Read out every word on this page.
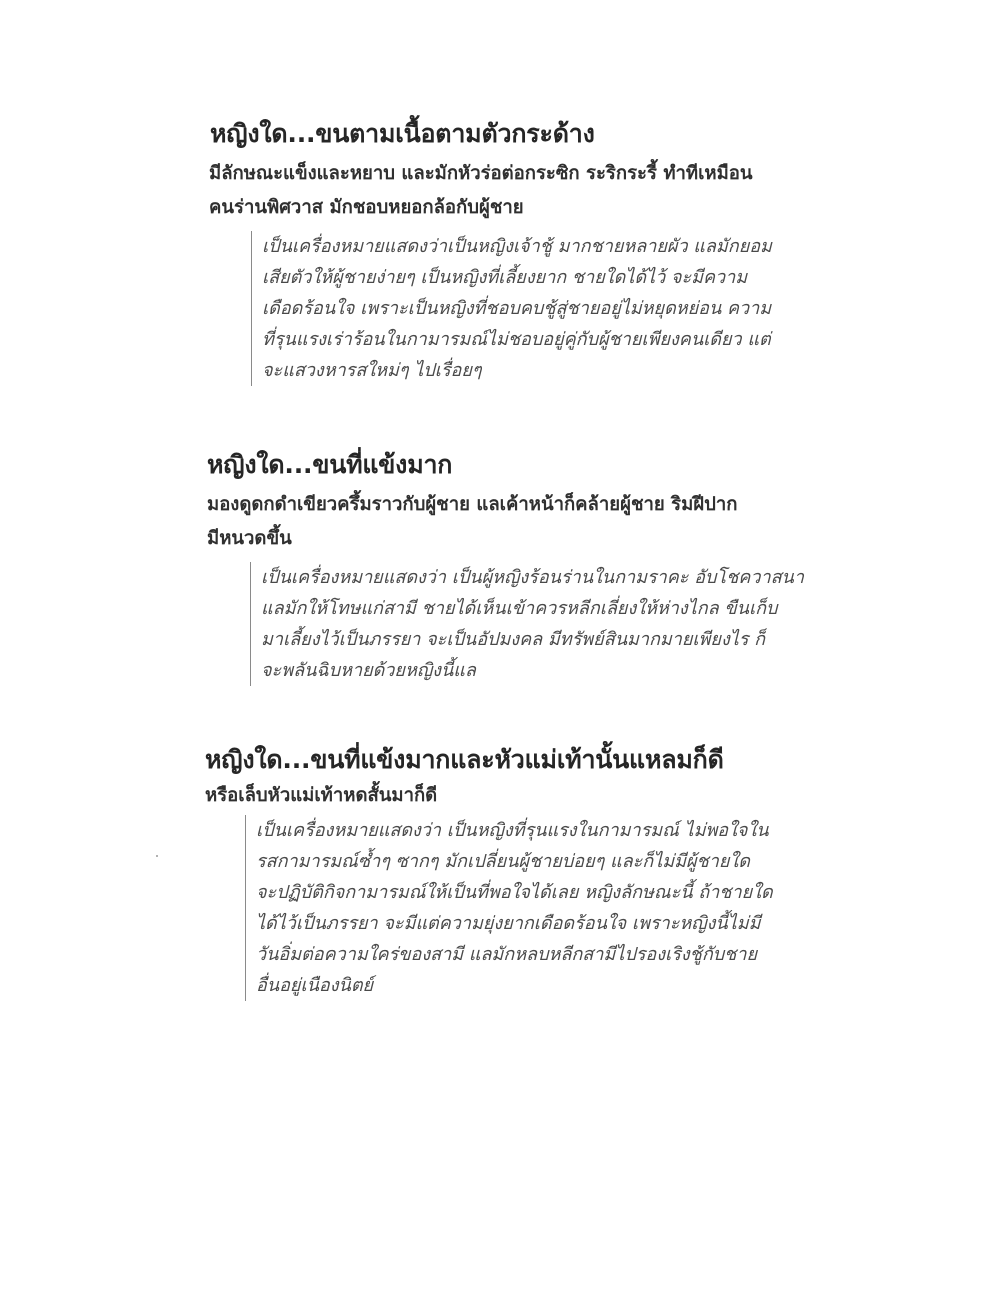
หญิงใด...ขนตามเนื้อตามตัวกระด้าง
มีลักษณะแข็งและหยาบ และมักหัวร่อต่อกระซิก ระริกระรี้ ทำทีเหมือน
คนร่านพิศวาส มักชอบหยอกล้อกับผู้ชาย
เป็นเครื่องหมายแสดงว่าเป็นหญิงเจ้าชู้ มากชายหลายผัว แลมักยอม
เสียตัวให้ผู้ชายง่ายๆ เป็นหญิงที่เลี้ยงยาก ชายใดได้ไว้ จะมีความ
เดือดร้อนใจ เพราะเป็นหญิงที่ชอบคบชู้สู่ชายอยู่ไม่หยุดหย่อน ความ
ที่รุนแรงเร่าร้อนในกามารมณ์ไม่ชอบอยู่คู่กับผู้ชายเพียงคนเดียว แต่
จะแสวงหารสใหม่ๆ ไปเรื่อยๆ
หญิงใด...ขนที่แข้งมาก
มองดูดกดำเขียวครึ้มราวกับผู้ชาย แลเค้าหน้าก็คล้ายผู้ชาย ริมฝีปาก
มีหนวดขึ้น
เป็นเครื่องหมายแสดงว่า เป็นผู้หญิงร้อนร่านในกามราคะ อับโชควาสนา
แลมักให้โทษแก่สามี ชายได้เห็นเข้าควรหลีกเลี่ยงให้ห่างไกล ขืนเก็บ
มาเลี้ยงไว้เป็นภรรยา จะเป็นอัปมงคล มีทรัพย์สินมากมายเพียงไร ก็
จะพลันฉิบหายด้วยหญิงนี้แล
หญิงใด...ขนที่แข้งมากและหัวแม่เท้านั้นแหลมก็ดี
หรือเล็บหัวแม่เท้าหดสั้นมาก็ดี
เป็นเครื่องหมายแสดงว่า เป็นหญิงที่รุนแรงในกามารมณ์ ไม่พอใจใน
รสกามารมณ์ซ้ำๆ ซากๆ มักเปลี่ยนผู้ชายบ่อยๆ และก็ไม่มีผู้ชายใด
จะปฏิบัติกิจกามารมณ์ให้เป็นที่พอใจได้เลย หญิงลักษณะนี้ ถ้าชายใด
ได้ไว้เป็นภรรยา จะมีแต่ความยุ่งยากเดือดร้อนใจ เพราะหญิงนี้ไม่มี
วันอิ่มต่อความใคร่ของสามี แลมักหลบหลีกสามีไปรองเริงชู้กับชาย
อื่นอยู่เนืองนิตย์
